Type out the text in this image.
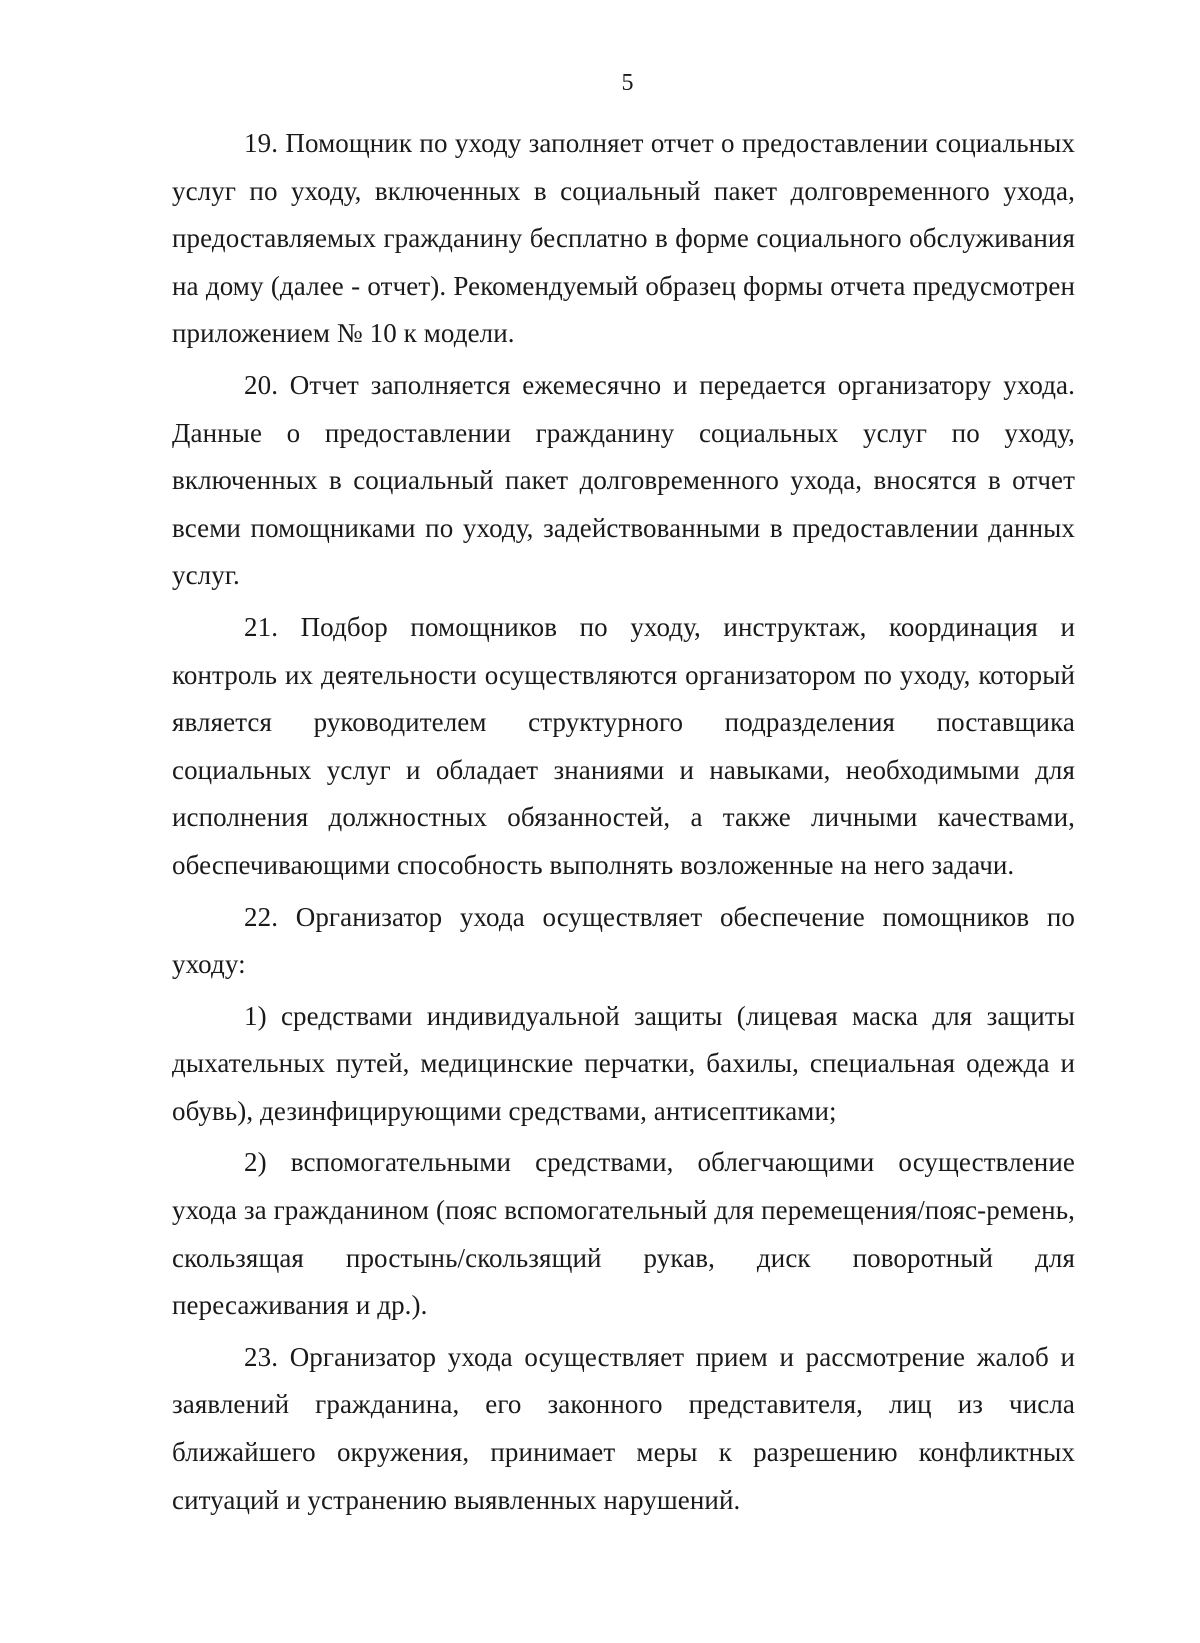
5

19. Помощник по уходу заполняет отчет о предоставлении социальных услуг по уходу, включенных в социальный пакет долговременного ухода, предоставляемых гражданину бесплатно в форме социального обслуживания на дому (далее - отчет). Рекомендуемый образец формы отчета предусмотрен приложением № 10 к модели.

20. Отчет заполняется ежемесячно и передается организатору ухода. Данные о предоставлении гражданину социальных услуг по уходу, включенных в социальный пакет долговременного ухода, вносятся в отчет всеми помощниками по уходу, задействованными в предоставлении данных услуг.

21. Подбор помощников по уходу, инструктаж, координация и контроль их деятельности осуществляются организатором по уходу, который является руководителем структурного подразделения поставщика социальных услуг и обладает знаниями и навыками, необходимыми для исполнения должностных обязанностей, а также личными качествами, обеспечивающими способность выполнять возложенные на него задачи.

22. Организатор ухода осуществляет обеспечение помощников по уходу:

1) средствами индивидуальной защиты (лицевая маска для защиты дыхательных путей, медицинские перчатки, бахилы, специальная одежда и обувь), дезинфицирующими средствами, антисептиками;

2) вспомогательными средствами, облегчающими осуществление ухода за гражданином (пояс вспомогательный для перемещения/пояс-ремень, скользящая простынь/скользящий рукав, диск поворотный для пересаживания и др.).

23. Организатор ухода осуществляет прием и рассмотрение жалоб и заявлений гражданина, его законного представителя, лиц из числа ближайшего окружения, принимает меры к разрешению конфликтных ситуаций и устранению выявленных нарушений.
